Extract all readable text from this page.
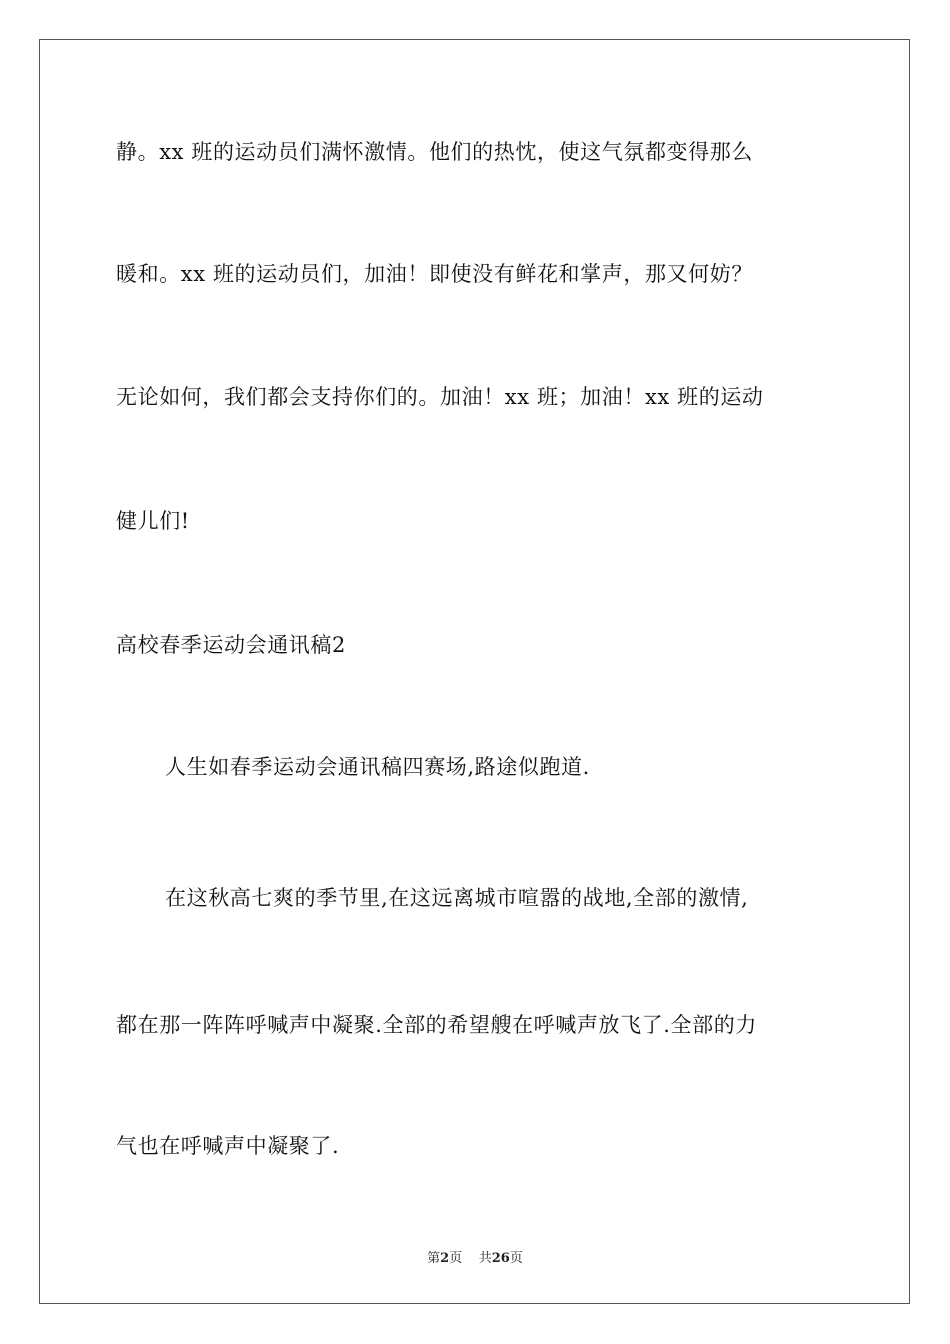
静。xx 班的运动员们满怀激情。他们的热忱，使这气氛都变得那么
暖和。xx 班的运动员们，加油！即使没有鲜花和掌声，那又何妨？
无论如何，我们都会支持你们的。加油！xx 班；加油！xx 班的运动
健儿们!
高校春季运动会通讯稿2
人生如春季运动会通讯稿四赛场,路途似跑道.
在这秋高七爽的季节里,在这远离城市喧嚣的战地,全部的激情,
都在那一阵阵呼喊声中凝聚.全部的希望艘在呼喊声放飞了.全部的力
气也在呼喊声中凝聚了.
第2页 共26页
